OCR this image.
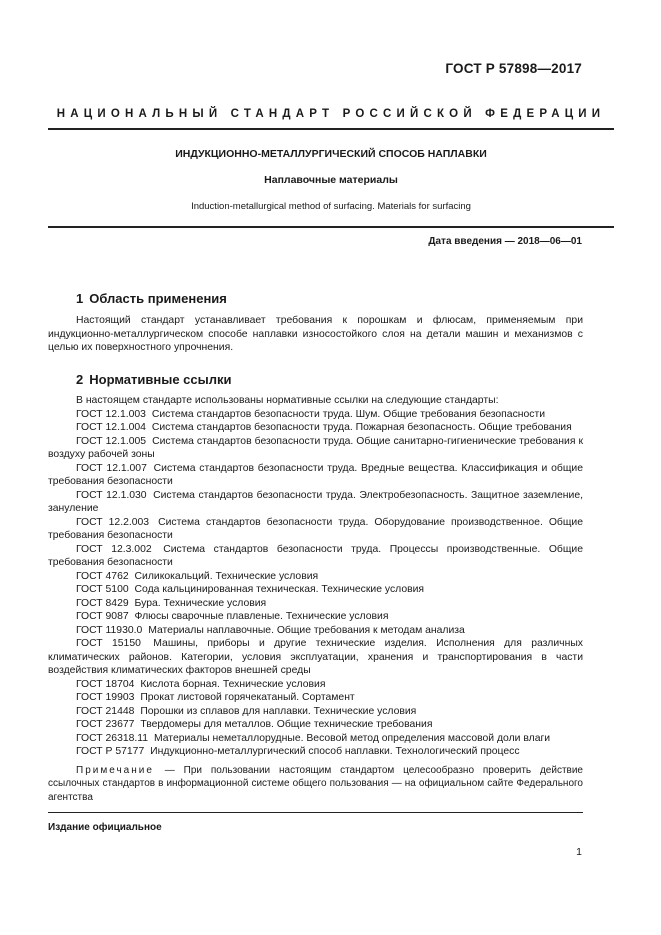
ГОСТ Р 57898—2017
НАЦИОНАЛЬНЫЙ СТАНДАРТ РОССИЙСКОЙ ФЕДЕРАЦИИ
ИНДУКЦИОННО-МЕТАЛЛУРГИЧЕСКИЙ СПОСОБ НАПЛАВКИ
Наплавочные материалы
Induction-metallurgical method of surfacing. Materials for surfacing
Дата введения — 2018—06—01
1 Область применения

Настоящий стандарт устанавливает требования к порошкам и флюсам, применяемым при индукционно-металлургическом способе наплавки износостойкого слоя на детали машин и механизмов с целью их поверхностного упрочнения.

2 Нормативные ссылки

В настоящем стандарте использованы нормативные ссылки на следующие стандарты:

ГОСТ 12.1.003 Система стандартов безопасности труда. Шум. Общие требования безопасности

ГОСТ 12.1.004 Система стандартов безопасности труда. Пожарная безопасность. Общие требования

ГОСТ 12.1.005 Система стандартов безопасности труда. Общие санитарно-гигиенические требования к воздуху рабочей зоны

ГОСТ 12.1.007 Система стандартов безопасности труда. Вредные вещества. Классификация и общие требования безопасности

ГОСТ 12.1.030 Система стандартов безопасности труда. Электробезопасность. Защитное заземление, зануление

ГОСТ 12.2.003 Система стандартов безопасности труда. Оборудование производственное. Общие требования безопасности

ГОСТ 12.3.002 Система стандартов безопасности труда. Процессы производственные. Общие требования безопасности

ГОСТ 4762 Силикокальций. Технические условия

ГОСТ 5100 Сода кальцинированная техническая. Технические условия

ГОСТ 8429 Бура. Технические условия

ГОСТ 9087 Флюсы сварочные плавленые. Технические условия

ГОСТ 11930.0 Материалы наплавочные. Общие требования к методам анализа

ГОСТ 15150 Машины, приборы и другие технические изделия. Исполнения для различных климатических районов. Категории, условия эксплуатации, хранения и транспортирования в части воздействия климатических факторов внешней среды

ГОСТ 18704 Кислота борная. Технические условия

ГОСТ 19903 Прокат листовой горячекатаный. Сортамент

ГОСТ 21448 Порошки из сплавов для наплавки. Технические условия

ГОСТ 23677 Твердомеры для металлов. Общие технические требования

ГОСТ 26318.11 Материалы неметаллорудные. Весовой метод определения массовой доли влаги

ГОСТ Р 57177 Индукционно-металлургический способ наплавки. Технологический процесс

Примечание — При пользовании настоящим стандартом целесообразно проверить действие ссылочных стандартов в информационной системе общего пользования — на официальном сайте Федерального агентства

Издание официальное
1
